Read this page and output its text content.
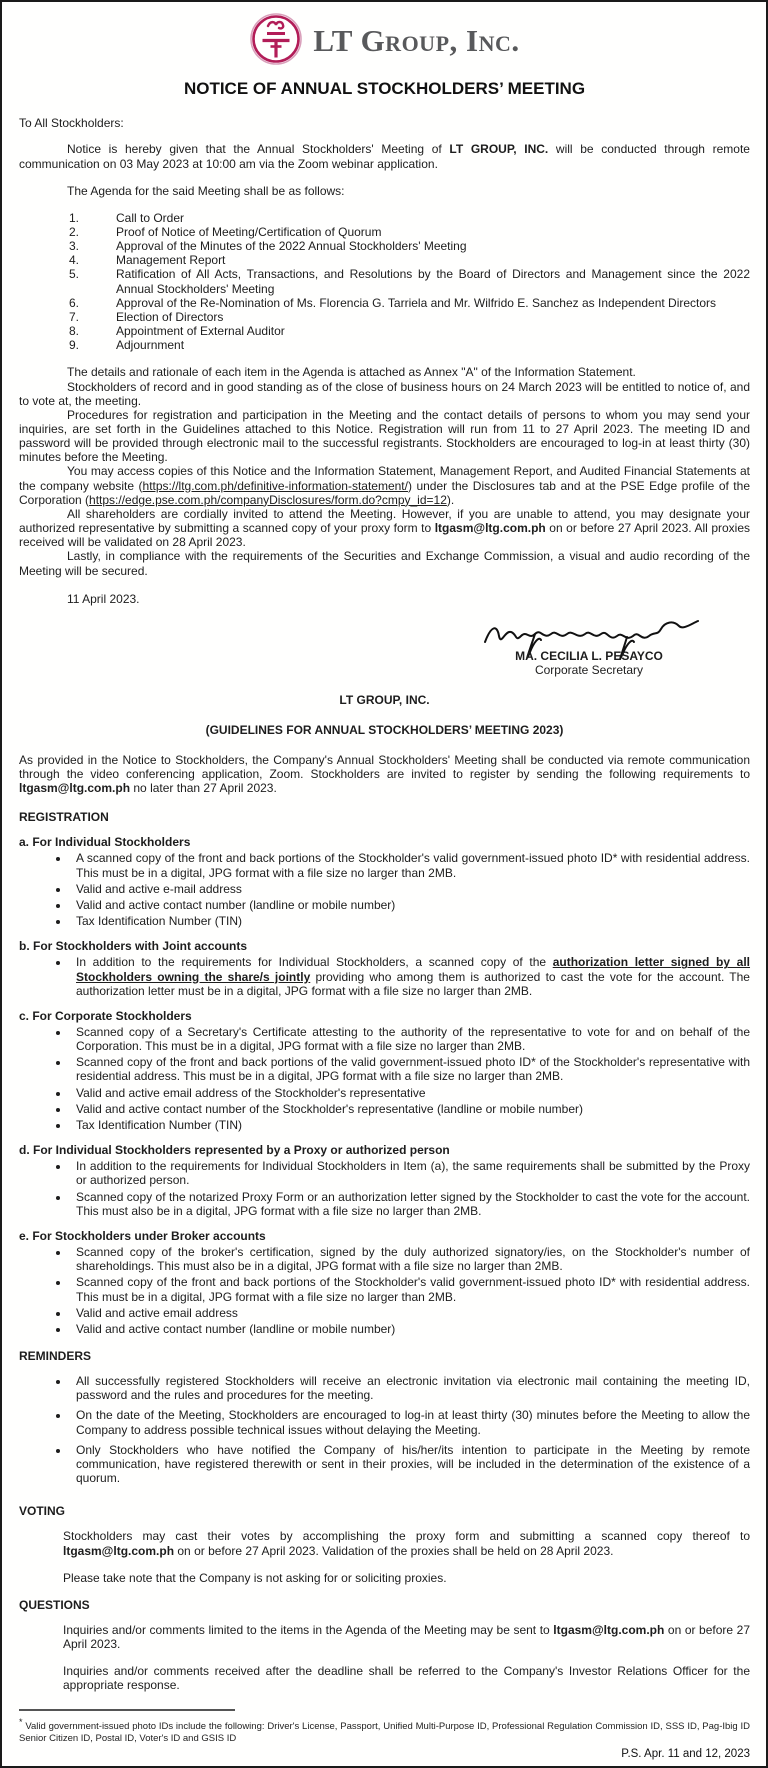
LT Group, Inc.
NOTICE OF ANNUAL STOCKHOLDERS’ MEETING

To All Stockholders:

Notice is hereby given that the Annual Stockholders' Meeting of LT GROUP, INC. will be conducted through remote communication on 03 May 2023 at 10:00 am via the Zoom webinar application.

The Agenda for the said Meeting shall be as follows:

1.	Call to Order
2.	Proof of Notice of Meeting/Certification of Quorum
3.	Approval of the Minutes of the 2022 Annual Stockholders' Meeting
4.	Management Report
5.	Ratification of All Acts, Transactions, and Resolutions by the Board of Directors and Management since the 2022 Annual Stockholders' Meeting
6.	Approval of the Re-Nomination of Ms. Florencia G. Tarriela and Mr. Wilfrido E. Sanchez as Independent Directors
7.	Election of Directors
8.	Appointment of External Auditor
9.	Adjournment

The details and rationale of each item in the Agenda is attached as Annex "A" of the Information Statement.

Stockholders of record and in good standing as of the close of business hours on 24 March 2023 will be entitled to notice of, and to vote at, the meeting.

Procedures for registration and participation in the Meeting and the contact details of persons to whom you may send your inquiries, are set forth in the Guidelines attached to this Notice. Registration will run from 11 to 27 April 2023. The meeting ID and password will be provided through electronic mail to the successful registrants. Stockholders are encouraged to log-in at least thirty (30) minutes before the Meeting.

You may access copies of this Notice and the Information Statement, Management Report, and Audited Financial Statements at the company website (https://ltg.com.ph/definitive-information-statement/) under the Disclosures tab and at the PSE Edge profile of the Corporation (https://edge.pse.com.ph/companyDisclosures/form.do?cmpy_id=12).

All shareholders are cordially invited to attend the Meeting. However, if you are unable to attend, you may designate your authorized representative by submitting a scanned copy of your proxy form to ltgasm@ltg.com.ph on or before 27 April 2023. All proxies received will be validated on 28 April 2023.

Lastly, in compliance with the requirements of the Securities and Exchange Commission, a visual and audio recording of the Meeting will be secured.

11 April 2023.

MA. CECILIA L. PESAYCO
Corporate Secretary
LT GROUP, INC.
(GUIDELINES FOR ANNUAL STOCKHOLDERS’ MEETING 2023)

As provided in the Notice to Stockholders, the Company's Annual Stockholders' Meeting shall be conducted via remote communication through the video conferencing application, Zoom. Stockholders are invited to register by sending the following requirements to ltgasm@ltg.com.ph no later than 27 April 2023.

REGISTRATION
a. For Individual Stockholders
• A scanned copy of the front and back portions of the Stockholder's valid government-issued photo ID* with residential address. This must be in a digital, JPG format with a file size no larger than 2MB.
• Valid and active e-mail address
• Valid and active contact number (landline or mobile number)
• Tax Identification Number (TIN)
b. For Stockholders with Joint accounts
• In addition to the requirements for Individual Stockholders, a scanned copy of the authorization letter signed by all Stockholders owning the share/s jointly providing who among them is authorized to cast the vote for the account. The authorization letter must be in a digital, JPG format with a file size no larger than 2MB.
c. For Corporate Stockholders
• Scanned copy of a Secretary's Certificate attesting to the authority of the representative to vote for and on behalf of the Corporation. This must be in a digital, JPG format with a file size no larger than 2MB.
• Scanned copy of the front and back portions of the valid government-issued photo ID* of the Stockholder's representative with residential address. This must be in a digital, JPG format with a file size no larger than 2MB.
• Valid and active email address of the Stockholder's representative
• Valid and active contact number of the Stockholder's representative (landline or mobile number)
• Tax Identification Number (TIN)
d. For Individual Stockholders represented by a Proxy or authorized person
• In addition to the requirements for Individual Stockholders in Item (a), the same requirements shall be submitted by the Proxy or authorized person.
• Scanned copy of the notarized Proxy Form or an authorization letter signed by the Stockholder to cast the vote for the account. This must also be in a digital, JPG format with a file size no larger than 2MB.
e. For Stockholders under Broker accounts
• Scanned copy of the broker's certification, signed by the duly authorized signatory/ies, on the Stockholder's number of shareholdings. This must also be in a digital, JPG format with a file size no larger than 2MB.
• Scanned copy of the front and back portions of the Stockholder's valid government-issued photo ID* with residential address. This must be in a digital, JPG format with a file size no larger than 2MB.
• Valid and active email address
• Valid and active contact number (landline or mobile number)
REMINDERS
• All successfully registered Stockholders will receive an electronic invitation via electronic mail containing the meeting ID, password and the rules and procedures for the meeting.
• On the date of the Meeting, Stockholders are encouraged to log-in at least thirty (30) minutes before the Meeting to allow the Company to address possible technical issues without delaying the Meeting.
• Only Stockholders who have notified the Company of his/her/its intention to participate in the Meeting by remote communication, have registered therewith or sent in their proxies, will be included in the determination of the existence of a quorum.
VOTING

Stockholders may cast their votes by accomplishing the proxy form and submitting a scanned copy thereof to ltgasm@ltg.com.ph on or before 27 April 2023. Validation of the proxies shall be held on 28 April 2023.

Please take note that the Company is not asking for or soliciting proxies.

QUESTIONS

Inquiries and/or comments limited to the items in the Agenda of the Meeting may be sent to ltgasm@ltg.com.ph on or before 27 April 2023.

Inquiries and/or comments received after the deadline shall be referred to the Company's Investor Relations Officer for the appropriate response.

* Valid government-issued photo IDs include the following: Driver's License, Passport, Unified Multi-Purpose ID, Professional Regulation Commission ID, SSS ID, Pag-Ibig ID Senior Citizen ID, Postal ID, Voter's ID and GSIS ID

P.S. Apr. 11 and 12, 2023
